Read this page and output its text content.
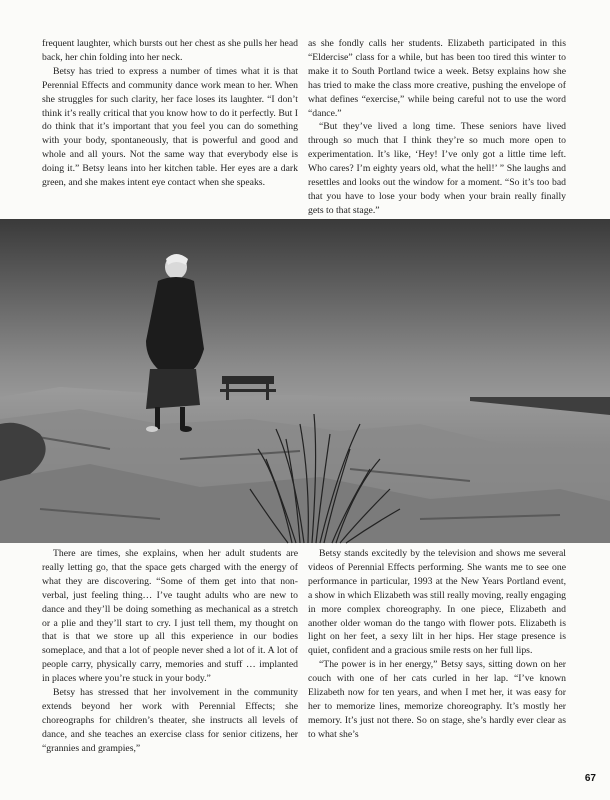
frequent laughter, which bursts out her chest as she pulls her head back, her chin folding into her neck.

Betsy has tried to express a number of times what it is that Perennial Effects and community dance work mean to her. When she struggles for such clarity, her face loses its laughter. “I don’t think it’s really critical that you know how to do it perfectly. But I do think that it’s important that you feel you can do something with your body, spontaneously, that is powerful and good and whole and all yours. Not the same way that everybody else is doing it.” Betsy leans into her kitchen table. Her eyes are a dark green, and she makes intent eye contact when she speaks.

as she fondly calls her students. Elizabeth participated in this “Eldercise” class for a while, but has been too tired this winter to make it to South Portland twice a week. Betsy explains how she has tried to make the class more creative, pushing the envelope of what defines “exercise,” while being careful not to use the word “dance.”

“But they’ve lived a long time. These seniors have lived through so much that I think they’re so much more open to experimentation. It’s like, ‘Hey! I’ve only got a little time left. Who cares? I’m eighty years old, what the hell!’ ” She laughs and resettles and looks out the window for a moment. “So it’s too bad that you have to lose your body when your brain really finally gets to that stage.”

There are times, she explains, when her adult students are really letting go, that the space gets charged with the energy of what they are discovering. “Some of them get into that non-verbal, just feeling thing… I’ve taught adults who are new to dance and they’ll be doing something as mechanical as a stretch or a plie and they’ll start to cry. I just tell them, my thought on that is that we store up all this experience in our bodies someplace, and that a lot of people never shed a lot of it. A lot of people carry, physically carry, memories and stuff … implanted in places where you’re stuck in your body.”

Betsy has stressed that her involvement in the community extends beyond her work with Perennial Effects; she choreographs for children’s theater, she instructs all levels of dance, and she teaches an exercise class for senior citizens, her “grannies and grampies,”

Betsy stands excitedly by the television and shows me several videos of Perennial Effects performing. She wants me to see one performance in particular, 1993 at the New Years Portland event, a show in which Elizabeth was still really moving, really engaging in more complex choreography. In one piece, Elizabeth and another older woman do the tango with flower pots. Elizabeth is light on her feet, a sexy lilt in her hips. Her stage presence is quiet, confident and a gracious smile rests on her full lips.

“The power is in her energy,” Betsy says, sitting down on her couch with one of her cats curled in her lap. “I’ve known Elizabeth now for ten years, and when I met her, it was easy for her to memorize lines, memorize choreography. It’s mostly her memory. It’s just not there. So on stage, she’s hardly ever clear as to what she’s

67
